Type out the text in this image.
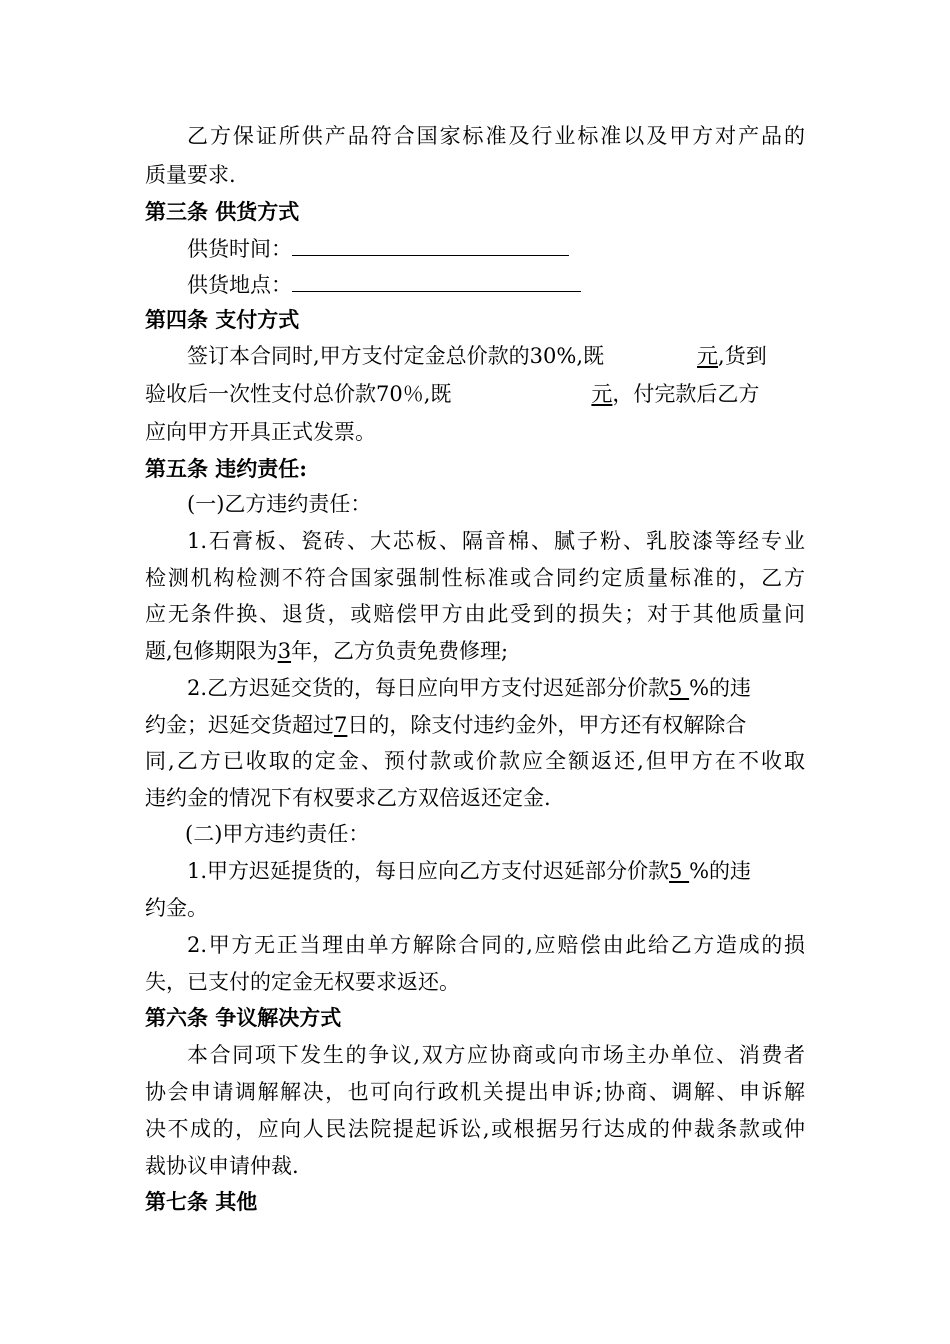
乙方保证所供产品符合国家标准及行业标准以及甲方对产品的
质量要求.
第三条 供货方式
供货时间：
供货地点：
第四条 支付方式
签订本合同时,甲方支付定金总价款的30%,既	元,货到
验收后一次性支付总价款70％,既	元，付完款后乙方
应向甲方开具正式发票。
第五条 违约责任:
(一)乙方违约责任：
1.石膏板、瓷砖、大芯板、隔音棉、腻子粉、乳胶漆等经专业
检测机构检测不符合国家强制性标准或合同约定质量标准的，乙方
应无条件换、退货，或赔偿甲方由此受到的损失；对于其他质量问
题,包修期限为3年，乙方负责免费修理;
2.乙方迟延交货的，每日应向甲方支付迟延部分价款5 %的违
约金；迟延交货超过7日的，除支付违约金外，甲方还有权解除合
同,乙方已收取的定金、预付款或价款应全额返还,但甲方在不收取
违约金的情况下有权要求乙方双倍返还定金.
(二)甲方违约责任：
1.甲方迟延提货的，每日应向乙方支付迟延部分价款5 %的违
约金。
2.甲方无正当理由单方解除合同的,应赔偿由此给乙方造成的损
失，已支付的定金无权要求返还。
第六条 争议解决方式
本合同项下发生的争议,双方应协商或向市场主办单位、消费者
协会申请调解解决，也可向行政机关提出申诉;协商、调解、申诉解
决不成的，应向人民法院提起诉讼,或根据另行达成的仲裁条款或仲
裁协议申请仲裁.
第七条 其他
